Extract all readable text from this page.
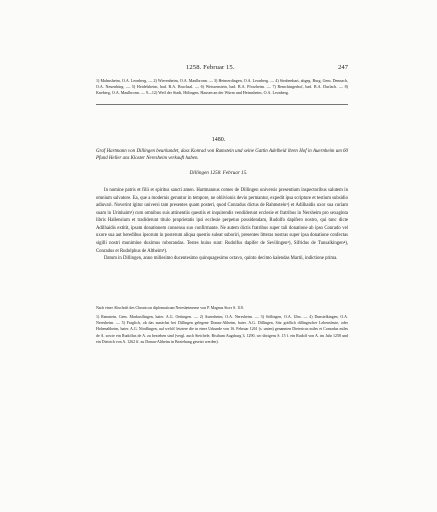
1258. Februar 15.	247
1) Malmsheim, O.A. Leonberg. — 2) Wierenheim, O.A. Maulbronn. — 3) Heimerdingen, O.A. Leonberg. — 4) Sirnbenhart, abgeg. Burg, Gem. Dennach, O.A. Neuenbürg. — 5) Heidelsheim, bad. B.A. Bruchsal. — 6) Weissenstein, bad. B.A. Pforzheim. — 7) Remchingerhof, bad. B.A. Durlach. — 8) Kneberg, O.A. Maulbronn. — 9—12) Weil der Stadt, Hölingen, Hausen an der Würm und Heimsheim, O.A. Leonberg.
1480.
Graf Hartmann von Dillingen beurkundet, dass Konrad von Ramstein und seine Gattin Adelheid ihren Hof in Auernheim um 60 Pfund Heller ans Kloster Neresheim verkauft haben.
Dillingen 1258. Februar 15.

In nomine patris et filii et spiritus sancti amen. Hartmannus comes de Dillingen universis presentium inspectoribus salutem in omnium salvatore. Ea, que a modernis geruntur in tempore, ne oblivionis devio permantur, expedit ipsa scripture et testium subsidio adiuvari. Noverint igitur universi tam presentes quam posteri, quod Conradus dictus de Rahmstein¹) et Adilhaidis uxor sua curiam suam in Urinhaim²) cum omnibus suis attinentiis questiis et inquirendis vendiderunt ecclesie et fratribus in Nersheim pro sexaginta libris Hallensium et tradiderunt titulo proprietatis ipsi ecclesie perpetuo possidendam, Rudolfo dapifero nostro, qui tunc dicte Adilhaidis extitit, ipsam donationem consensu suo confirmante. Ne autem dictis fratribus super tali donatione ab ipso Conrado vel uxore sua aut heredibus ipsorum in posterum aliqua questio suleat suboriri, presentes litteras nostras super ipsa donatione confectas sigilli nostri munimine duximus roborandas. Testes huius sunt: Rudolfus dapifer de Sevilingen³), Sifridus de Tunsalkingen⁴), Conradus et Rudolphus de Altheim⁵).

Datum in Dillingen, anno millesimo ducentesimo quinquagesimo octavo, quinto decimo kalendas Martii, indictione prima.

Nach einer Abschrift des Chronicon diplomaticum Neresheimense von P. Magnus Storr S. 110.
1) Ramstein, Gem. Markusflingen, baier. A.G. Oettingen. — 2) Auernheim, O.A. Neresheim. — 3) Söflingen, O.A. Ulm. — 4) Dunstelkingen, O.A. Neresheim. — 5) Fraglich, ob das zunächst bei Dillingen gelegene Donau-Altheim, baier. A.G. Dillingen, Sitz gräflich dillingischer Lehensleute, oder Hohenaltheim, baier. A.G. Nördlingen, auf welch' letztere die in einer Urkunde von 16. Februar 1261 (s. unten) genannten Dietericus miles et Conradus miles de A. sowie ein Rudolfus de A. zu beziehen sind (vergl. auch Steichele, Bisthum Augsburg 3, 1290, wo übrigens S. 15 f. ein Rudolf von A. im Jahr 1258 und ein Dietrich von A. 1262 ff. zu Donau-Altheim in Beziehung gesetzt werden).
